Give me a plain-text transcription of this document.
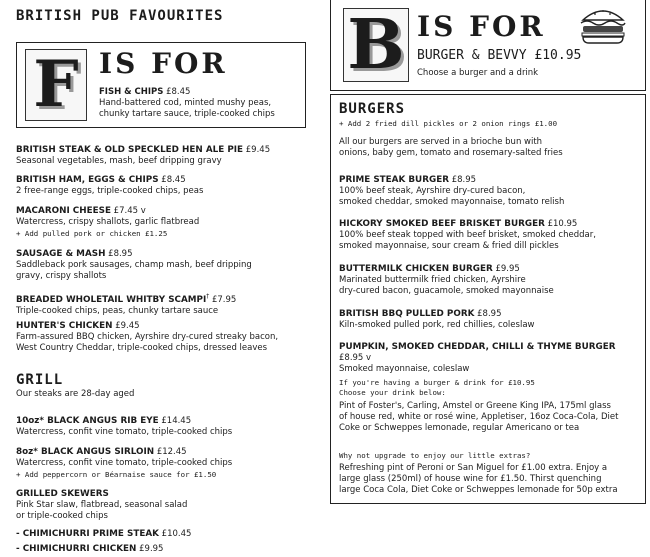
BRITISH PUB FAVOURITES
F IS FOR
FISH & CHIPS £8.45
Hand-battered cod, minted mushy peas,
chunky tartare sauce, triple-cooked chips
BRITISH STEAK & OLD SPECKLED HEN ALE PIE £9.45
Seasonal vegetables, mash, beef dripping gravy
BRITISH HAM, EGGS & CHIPS £8.45
2 free-range eggs, triple-cooked chips, peas
MACARONI CHEESE £7.45 v
Watercress, crispy shallots, garlic flatbread
+ Add pulled pork or chicken £1.25
SAUSAGE & MASH £8.95
Saddleback pork sausages, champ mash, beef dripping
gravy, crispy shallots
BREADED WHOLETAIL WHITBY SCAMPI† £7.95
Triple-cooked chips, peas, chunky tartare sauce
HUNTER'S CHICKEN £9.45
Farm-assured BBQ chicken, Ayrshire dry-cured streaky bacon,
West Country Cheddar, triple-cooked chips, dressed leaves
GRILL
Our steaks are 28-day aged
10oz* BLACK ANGUS RIB EYE £14.45
Watercress, confit vine tomato, triple-cooked chips
8oz* BLACK ANGUS SIRLOIN £12.45
Watercress, confit vine tomato, triple-cooked chips
+ Add peppercorn or Béarnaise sauce for £1.50
GRILLED SKEWERS
Pink Star slaw, flatbread, seasonal salad
or triple-cooked chips
- CHIMICHURRI PRIME STEAK £10.45
- CHIMICHURRI CHICKEN £9.95
B IS FOR
BURGER & BEVVY £10.95
Choose a burger and a drink
BURGERS
+ Add 2 fried dill pickles or 2 onion rings £1.00
All our burgers are served in a brioche bun with
onions, baby gem, tomato and rosemary-salted fries
PRIME STEAK BURGER £8.95
100% beef steak, Ayrshire dry-cured bacon,
smoked cheddar, smoked mayonnaise, tomato relish
HICKORY SMOKED BEEF BRISKET BURGER £10.95
100% beef steak topped with beef brisket, smoked cheddar,
smoked mayonnaise, sour cream & fried dill pickles
BUTTERMILK CHICKEN BURGER £9.95
Marinated buttermilk fried chicken, Ayrshire
dry-cured bacon, guacamole, smoked mayonnaise
BRITISH BBQ PULLED PORK £8.95
Kiln-smoked pulled pork, red chillies, coleslaw
PUMPKIN, SMOKED CHEDDAR, CHILLI & THYME BURGER £8.95 v
Smoked mayonnaise, coleslaw
If you're having a burger & drink for £10.95
Choose your drink below:
Pint of Foster's, Carling, Amstel or Greene King IPA, 175ml glass
of house red, white or rosé wine, Appletiser, 16oz Coca-Cola, Diet
Coke or Schweppes lemonade, regular Americano or tea
Why not upgrade to enjoy our little extras?
Refreshing pint of Peroni or San Miguel for £1.00 extra. Enjoy a
large glass (250ml) of house wine for £1.50. Thirst quenching
large Coca Cola, Diet Coke or Schweppes lemonade for 50p extra
